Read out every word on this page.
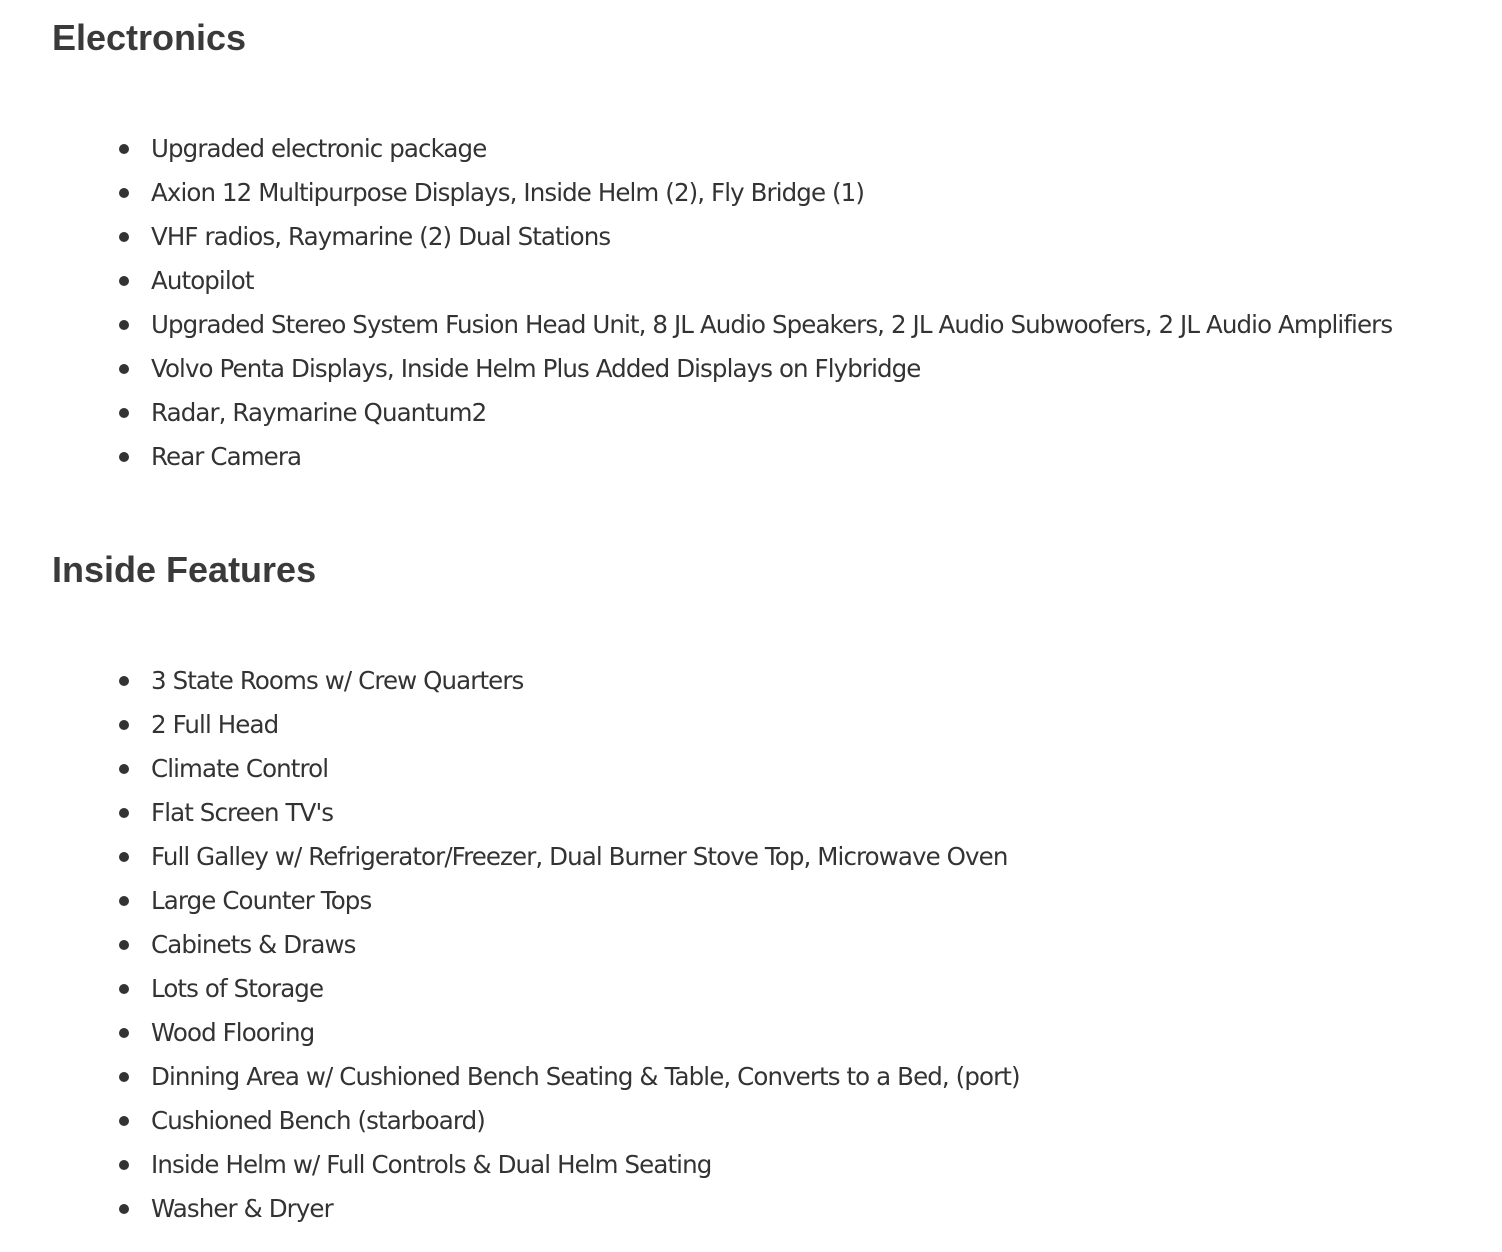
Electronics
Upgraded electronic package
Axion 12 Multipurpose Displays, Inside Helm (2), Fly Bridge (1)
VHF radios, Raymarine (2) Dual Stations
Autopilot
Upgraded Stereo System Fusion Head Unit, 8 JL Audio Speakers, 2 JL Audio Subwoofers, 2 JL Audio Amplifiers
Volvo Penta Displays, Inside Helm Plus Added Displays on Flybridge
Radar, Raymarine Quantum2
Rear Camera
Inside Features
3 State Rooms w/ Crew Quarters
2 Full Head
Climate Control
Flat Screen TV's
Full Galley w/ Refrigerator/Freezer, Dual Burner Stove Top, Microwave Oven
Large Counter Tops
Cabinets & Draws
Lots of Storage
Wood Flooring
Dinning Area w/ Cushioned Bench Seating & Table, Converts to a Bed, (port)
Cushioned Bench (starboard)
Inside Helm w/ Full Controls & Dual Helm Seating
Washer & Dryer
